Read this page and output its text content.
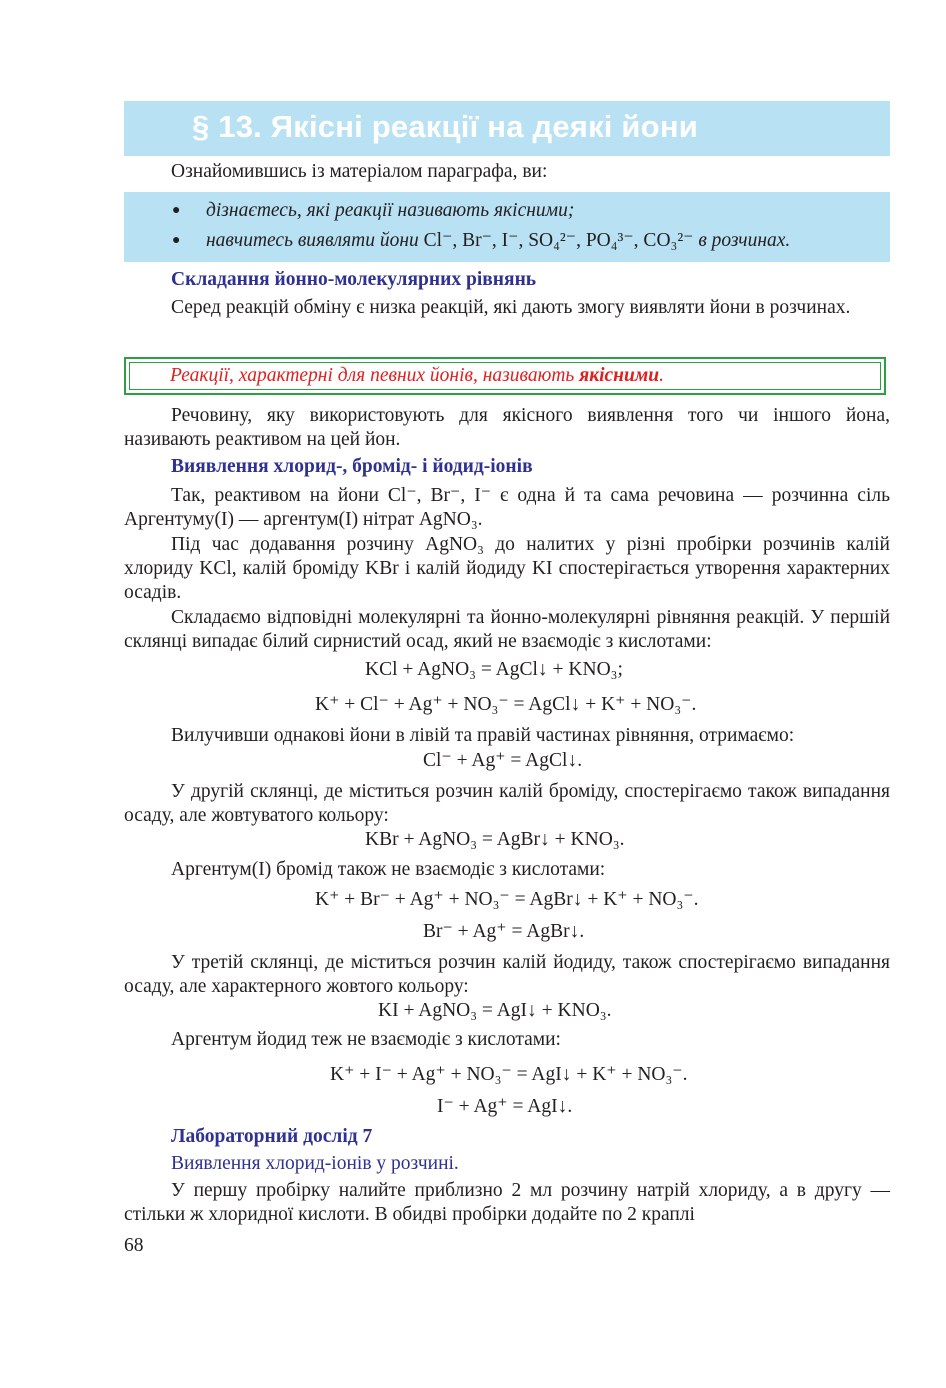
§ 13. Якісні реакції на деякі йони
Ознайомившись із матеріалом параграфа, ви:
● дізнаєтесь, які реакції називають якісними;
● навчитесь виявляти йони Cl⁻, Br⁻, I⁻, SO₄²⁻, PO₄³⁻, CO₃²⁻ в розчинах.
Складання йонно-молекулярних рівнянь

Серед реакцій обміну є низка реакцій, які дають змогу виявляти йони в розчинах.

Реакції, характерні для певних йонів, називають якісними.

Речовину, яку використовують для якісного виявлення того чи іншого йона, називають реактивом на цей йон.

Виявлення хлорид-, бромід- і йодид-іонів

Так, реактивом на йони Cl⁻, Br⁻, I⁻ є одна й та сама речовина — розчинна сіль Аргентуму(I) — аргентум(I) нітрат AgNO₃.

Під час додавання розчину AgNO₃ до налитих у різні пробірки розчинів калій хлориду KCl, калій броміду KBr і калій йодиду KI спостерігається утворення характерних осадів.

Складаємо відповідні молекулярні та йонно-молекулярні рівняння реакцій. У першій склянці випадає білий сирнистий осад, який не взаємодіє з кислотами:

KCl + AgNO₃ = AgCl↓ + KNO₃;
K⁺ + Cl⁻ + Ag⁺ + NO₃⁻ = AgCl↓ + K⁺ + NO₃⁻.
Вилучивши однакові йони в лівій та правій частинах рівняння, отримаємо:
Cl⁻ + Ag⁺ = AgCl↓.

У другій склянці, де міститься розчин калій броміду, спостерігаємо також випадання осаду, але жовтуватого кольору:

KBr + AgNO₃ = AgBr↓ + KNO₃.
Аргентум(I) бромід також не взаємодіє з кислотами:
K⁺ + Br⁻ + Ag⁺ + NO₃⁻ = AgBr↓ + K⁺ + NO₃⁻.
Br⁻ + Ag⁺ = AgBr↓.

У третій склянці, де міститься розчин калій йодиду, також спостерігаємо випадання осаду, але характерного жовтого кольору:

KI + AgNO₃ = AgI↓ + KNO₃.
Аргентум йодид теж не взаємодіє з кислотами:
K⁺ + I⁻ + Ag⁺ + NO₃⁻ = AgI↓ + K⁺ + NO₃⁻.
I⁻ + Ag⁺ = AgI↓.
Лабораторний дослід 7
Виявлення хлорид-іонів у розчині.

У першу пробірку налийте приблизно 2 мл розчину натрій хлориду, а в другу — стільки ж хлоридної кислоти. В обидві пробірки додайте по 2 краплі

68
